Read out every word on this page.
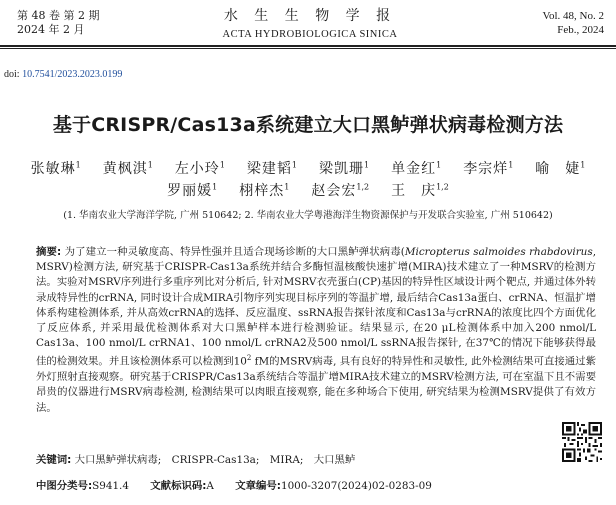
第 48 卷 第 2 期
2024 年 2 月
水 生 生 物 学 报
ACTA HYDROBIOLOGICA SINICA
Vol. 48, No. 2
Feb., 2024
doi: 10.7541/2023.2023.0199
基于CRISPR/Cas13a系统建立大口黑鲈弹状病毒检测方法
张敏琳$^1$ 黄枫淇$^1$ 左小玲$^1$ 梁建韬$^1$ 梁凯珊$^1$ 单金红$^1$ 李宗烊$^1$ 喻　婕$^1$
罗丽媛$^1$ 栩梓杰$^1$ 赵会宏$^{1,2}$ 王　庆$^{1,2}$
(1. 华南农业大学海洋学院, 广州 510642; 2. 华南农业大学粤港海洋生物资源保护与开发联合实验室, 广州 510642)
摘要: 为了建立一种灵敏度高、特异性强并且适合现场诊断的大口黑鲈弹状病毒(Micropterus salmoides rhabdovirus, MSRV)检测方法, 研究基于CRISPR-Cas13a系统并结合多酶恒温核酸快速扩增(MIRA)技术建立了一种MSRV的检测方法。实验对MSRV序列进行多重序列比对分析后, 针对MSRV衣壳蛋白(CP)基因的特异性区域设计两个靶点, 并通过体外转录成特异性的crRNA, 同时设计合成MIRA引物序列实现目标序列的等温扩增, 最后结合Cas13a蛋白、crRNA、恒温扩增体系构建检测体系, 并从高效crRNA的选择、反应温度、ssRNA报告探针浓度和Cas13a与crRNA的浓度比四个方面优化了反应体系, 并采用最优检测体系对大口黑鲈样本进行检测验证。结果显示, 在20 μL检测体系中加入200 nmol/L Cas13a、100 nmol/L crRNA1、100 nmol/L crRNA2及500 nmol/L ssRNA报告探针, 在37℃的情况下能够获得最佳的检测效果。并且该检测体系可以检测到$10^2$ fM的MSRV病毒, 具有良好的特异性和灵敏性, 此外检测结果可直接通过紫外灯照射直接观察。研究基于CRISPR/Cas13a系统结合等温扩增MIRA技术建立的MSRV检测方法, 可在室温下且不需要昂贵的仪器进行MSRV病毒检测, 检测结果可以肉眼直接观察, 能在多种场合下使用, 研究结果为检测MSRV提供了有效方法。
关键词: 大口黑鲈弹状病毒;　CRISPR-Cas13a;　MIRA;　大口黑鲈
中图分类号:S941.4 文献标识码:A 文章编号:1000-3207(2024)02-0283-09
